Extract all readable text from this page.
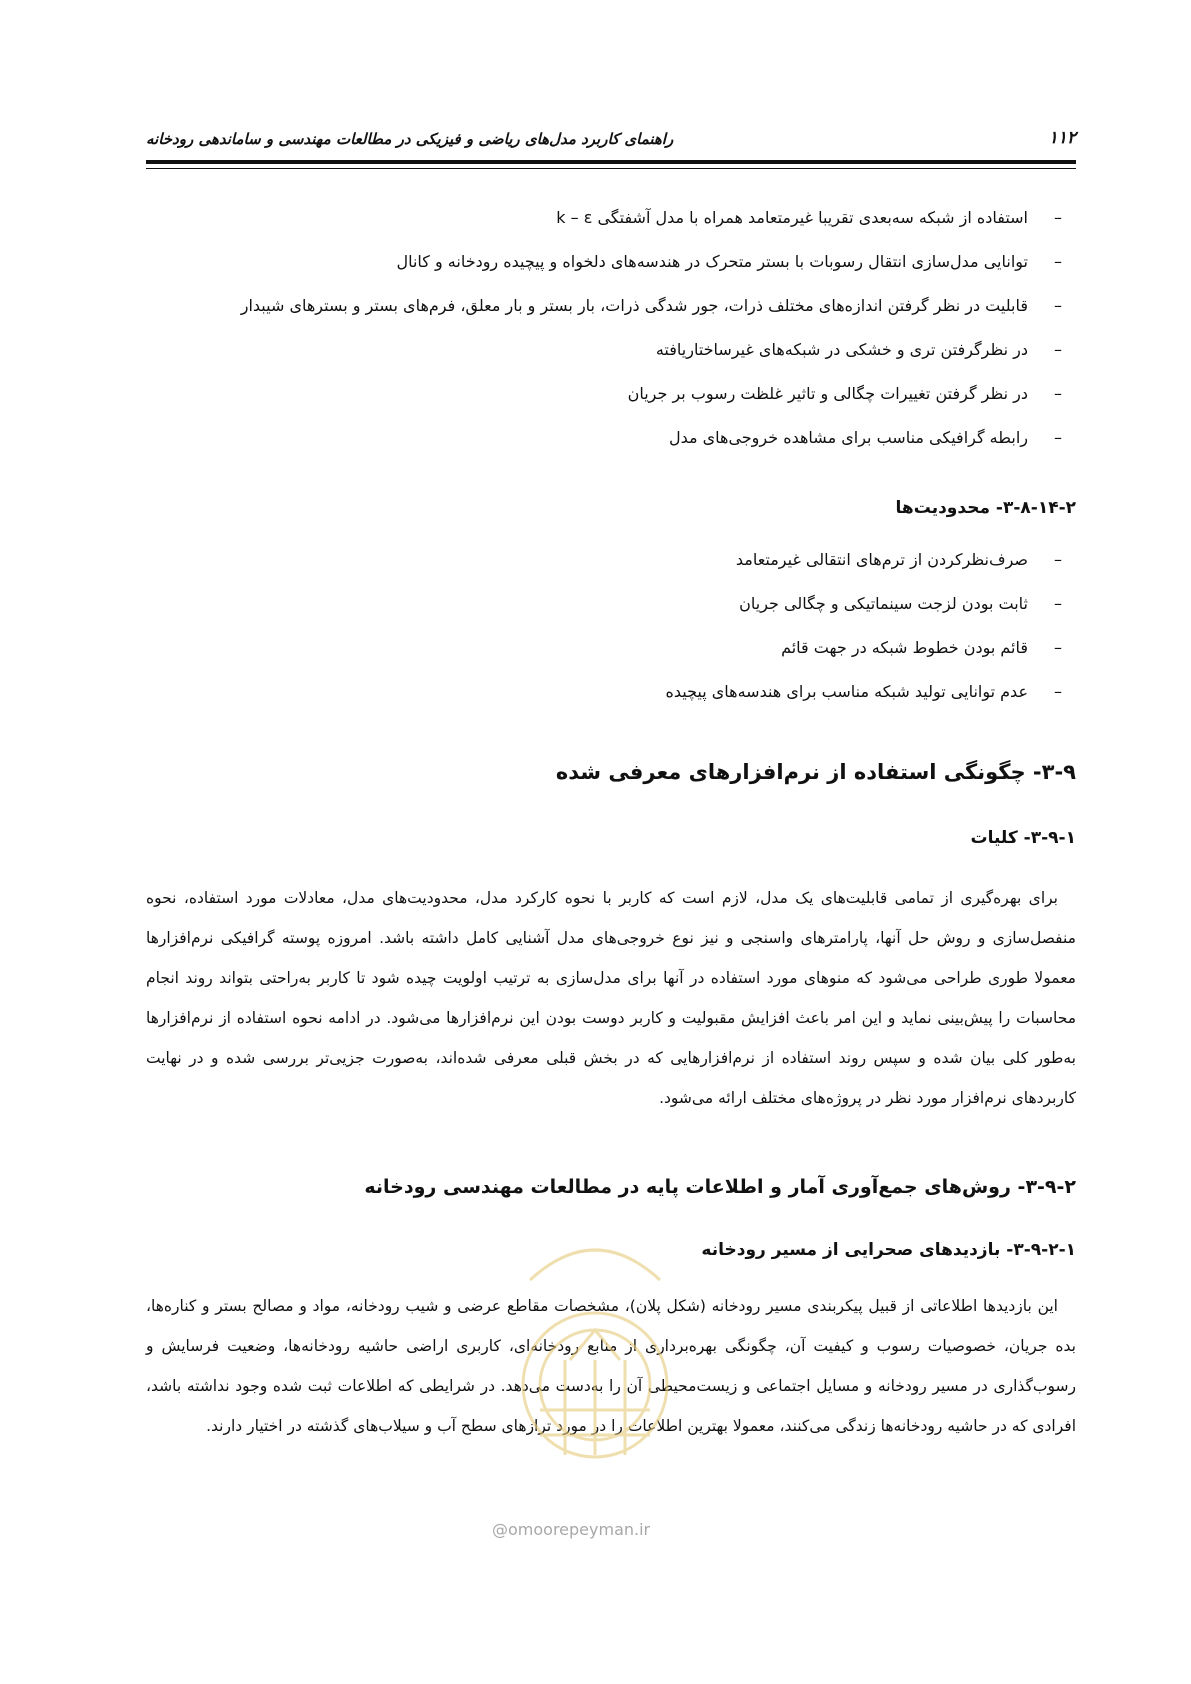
۱۱۲
راهنمای کاربرد مدل‌های ریاضی و فیزیکی در مطالعات مهندسی و ساماندهی رودخانه
– استفاده از شبکه سه‌بعدی تقریبا غیرمتعامد همراه با مدل آشفتگی k – ε
– توانایی مدل‌سازی انتقال رسوبات با بستر متحرک در هندسه‌های دلخواه و پیچیده رودخانه و کانال
– قابلیت در نظر گرفتن اندازه‌های مختلف ذرات، جور شدگی ذرات، بار بستر و بار معلق، فرم‌های بستر و بسترهای شیبدار
– در نظرگرفتن تری و خشکی در شبکه‌های غیرساختاریافته
– در نظر گرفتن تغییرات چگالی و تاثیر غلظت رسوب بر جریان
– رابطه گرافیکی مناسب برای مشاهده خروجی‌های مدل
۳-۸-۱۴-۲- محدودیت‌ها
– صرف‌نظرکردن از ترم‌های انتقالی غیرمتعامد
– ثابت بودن لزجت سینماتیکی و چگالی جریان
– قائم بودن خطوط شبکه در جهت قائم
– عدم توانایی تولید شبکه مناسب برای هندسه‌های پیچیده
۳-۹- چگونگی استفاده از نرم‌افزارهای معرفی شده
۳-۹-۱- کلیات

برای بهره‌گیری از تمامی قابلیت‌های یک مدل، لازم است که کاربر با نحوه کارکرد مدل، محدودیت‌های مدل، معادلات مورد استفاده، نحوه منفصل‌سازی و روش حل آنها، پارامترهای واسنجی و نیز نوع خروجی‌های مدل آشنایی کامل داشته باشد. امروزه پوسته گرافیکی نرم‌افزارها معمولا طوری طراحی می‌شود که منوهای مورد استفاده در آنها برای مدل‌سازی به ترتیب اولویت چیده شود تا کاربر به‌راحتی بتواند روند انجام محاسبات را پیش‌بینی نماید و این امر باعث افزایش مقبولیت و کاربر دوست بودن این نرم‌افزارها می‌شود. در ادامه نحوه استفاده از نرم‌افزارها به‌طور کلی بیان شده و سپس روند استفاده از نرم‌افزارهایی که در بخش قبلی معرفی شده‌اند، به‌صورت جزیی‌تر بررسی شده و در نهایت کاربردهای نرم‌افزار مورد نظر در پروژه‌های مختلف ارائه می‌شود.

۳-۹-۲- روش‌های جمع‌آوری آمار و اطلاعات پایه در مطالعات مهندسی رودخانه
۳-۹-۲-۱- بازدیدهای صحرایی از مسیر رودخانه

این بازدیدها اطلاعاتی از قبیل پیکربندی مسیر رودخانه (شکل پلان)، مشخصات مقاطع عرضی و شیب رودخانه، مواد و مصالح بستر و کناره‌ها، بده جریان، خصوصیات رسوب و کیفیت آن، چگونگی بهره‌برداری از منابع رودخانه‌ای، کاربری اراضی حاشیه رودخانه‌ها، وضعیت فرسایش و رسوب‌گذاری در مسیر رودخانه و مسایل اجتماعی و زیست‌محیطی آن را به‌دست می‌دهد. در شرایطی که اطلاعات ثبت شده وجود نداشته باشد، افرادی که در حاشیه رودخانه‌ها زندگی می‌کنند، معمولا بهترین اطلاعات را در مورد ترازهای سطح آب و سیلاب‌های گذشته در اختیار دارند.

@omoorepeyman.ir
